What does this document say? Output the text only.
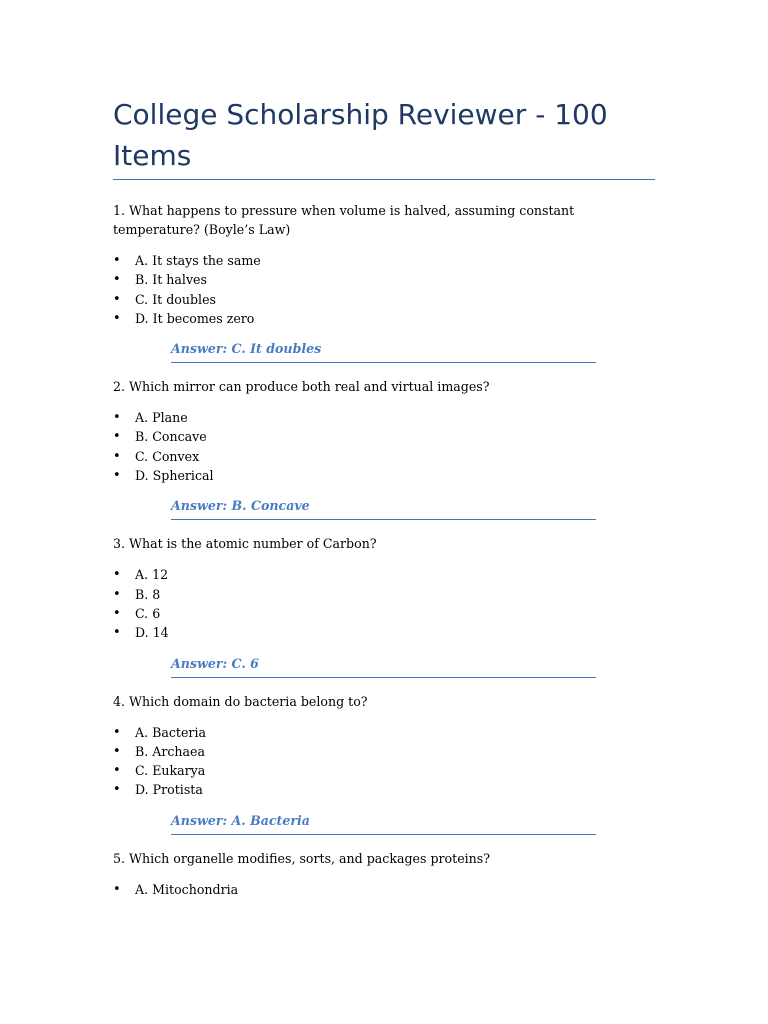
College Scholarship Reviewer - 100 Items

1. What happens to pressure when volume is halved, assuming constant temperature? (Boyle’s Law)

• A. It stays the same
• B. It halves
• C. It doubles
• D. It becomes zero
Answer: C. It doubles

2. Which mirror can produce both real and virtual images?

• A. Plane
• B. Concave
• C. Convex
• D. Spherical
Answer: B. Concave

3. What is the atomic number of Carbon?

• A. 12
• B. 8
• C. 6
• D. 14
Answer: C. 6

4. Which domain do bacteria belong to?

• A. Bacteria
• B. Archaea
• C. Eukarya
• D. Protista
Answer: A. Bacteria

5. Which organelle modifies, sorts, and packages proteins?

• A. Mitochondria
